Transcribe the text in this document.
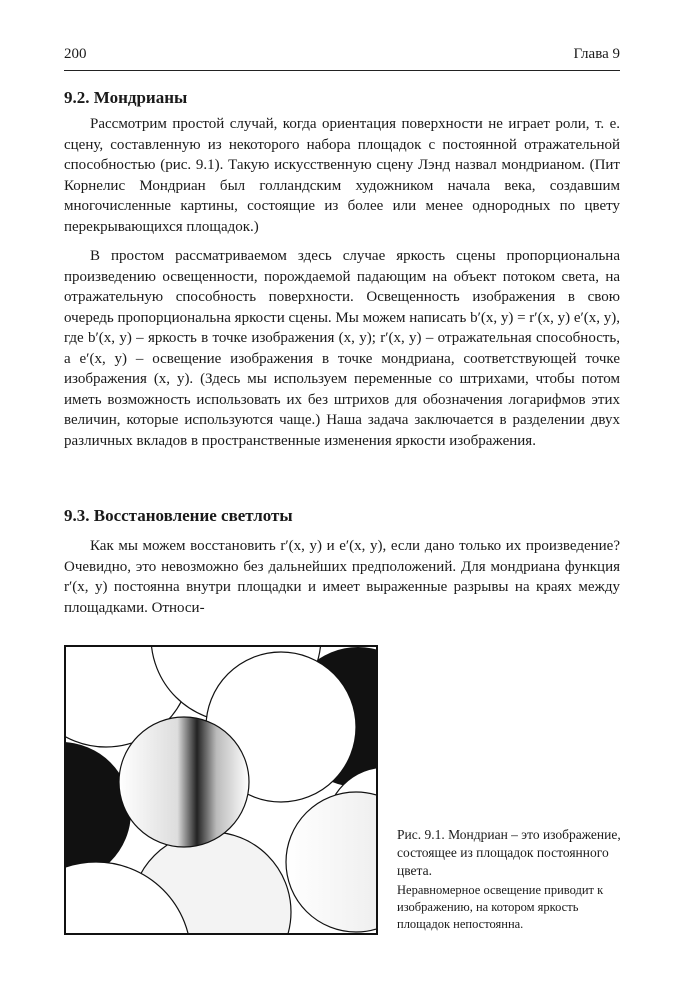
200	Глава 9
9.2. Мондрианы

Рассмотрим простой случай, когда ориентация поверхности не играет роли, т. е. сцену, составленную из некоторого набора площадок с постоянной отражательной способностью (рис. 9.1). Такую искусственную сцену Лэнд назвал мондрианом. (Пит Корнелис Мондриан был голландским художником начала века, создавшим многочисленные картины, состоящие из более или менее однородных по цвету перекрывающихся площадок.)

В простом рассматриваемом здесь случае яркость сцены пропорциональна произведению освещенности, порождаемой падающим на объект потоком света, на отражательную способность поверхности. Освещенность изображения в свою очередь пропорциональна яркости сцены. Мы можем написать b′(x, y) = r′(x, y) e′(x, y), где b′(x, y) – яркость в точке изображения (x, y); r′(x, y) – отражательная способность, а e′(x, y) – освещение изображения в точке мондриана, соответствующей точке изображения (x, y). (Здесь мы используем переменные со штрихами, чтобы потом иметь возможность использовать их без штрихов для обозначения логарифмов этих величин, которые используются чаще.) Наша задача заключается в разделении двух различных вкладов в пространственные изменения яркости изображения.

9.3. Восстановление светлоты

Как мы можем восстановить r′(x, y) и e′(x, y), если дано только их произведение? Очевидно, это невозможно без дальнейших предположений. Для мондриана функция r′(x, y) постоянна внутри площадки и имеет выраженные разрывы на краях между площадками. Относи-

Рис. 9.1. Мондриан – это изображение, состоящее из площадок постоянного цвета.
Неравномерное освещение приводит к изображению, на котором яркость площадок непостоянна.
